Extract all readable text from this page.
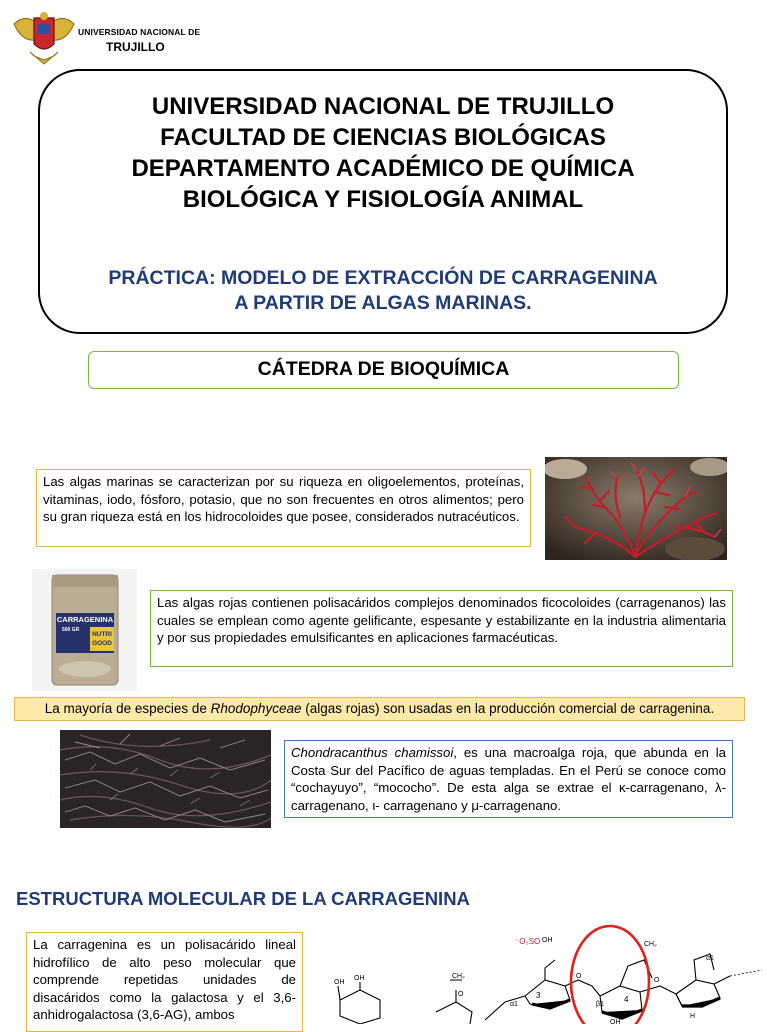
UNIVERSIDAD NACIONAL DE
TRUJILLO
UNIVERSIDAD NACIONAL DE TRUJILLO
FACULTAD DE CIENCIAS BIOLÓGICAS
DEPARTAMENTO ACADÉMICO DE QUÍMICA
BIOLÓGICA Y FISIOLOGÍA ANIMAL
PRÁCTICA: MODELO DE EXTRACCIÓN DE CARRAGENINA
A PARTIR DE ALGAS MARINAS.
CÁTEDRA DE BIOQUÍMICA
Las algas marinas se caracterizan por su riqueza en oligoelementos, proteínas, vitaminas, iodo, fósforo, potasio, que no son frecuentes en otros alimentos; pero su gran riqueza está en los hidrocoloides que posee, considerados nutracéuticos.
CARRAGENINA
500 GR
NUTRI
GOOD
Las algas rojas contienen polisacáridos complejos denominados ficocoloides (carragenanos) las cuales se emplean como agente gelificante, espesante y estabilizante en la industria alimentaria y por sus propiedades emulsificantes en aplicaciones farmacéuticas.
La mayoría de especies de Rhodophyceae (algas rojas) son usadas en la producción comercial de carragenina.
Chondracanthus chamissoi, es una macroalga roja, que abunda en la Costa Sur del Pacífico de aguas templadas. En el Perú se conoce como “cochayuyo”, “mococho”. De esta alga se extrae el κ-carragenano, λ- carragenano, ι- carragenano y μ-carragenano.
ESTRUCTURA MOLECULAR DE LA CARRAGENINA
La carragenina es un polisacárido lineal hidrofílico de alto peso molecular que comprende repetidas unidades de disacáridos como la galactosa y el 3,6-anhidrogalactosa (3,6-AG), ambos
⁻O₃SO OH
OH
OH	CH₂
CH₂
α1
α1
β1
3	4
O
O
O
H
OH
